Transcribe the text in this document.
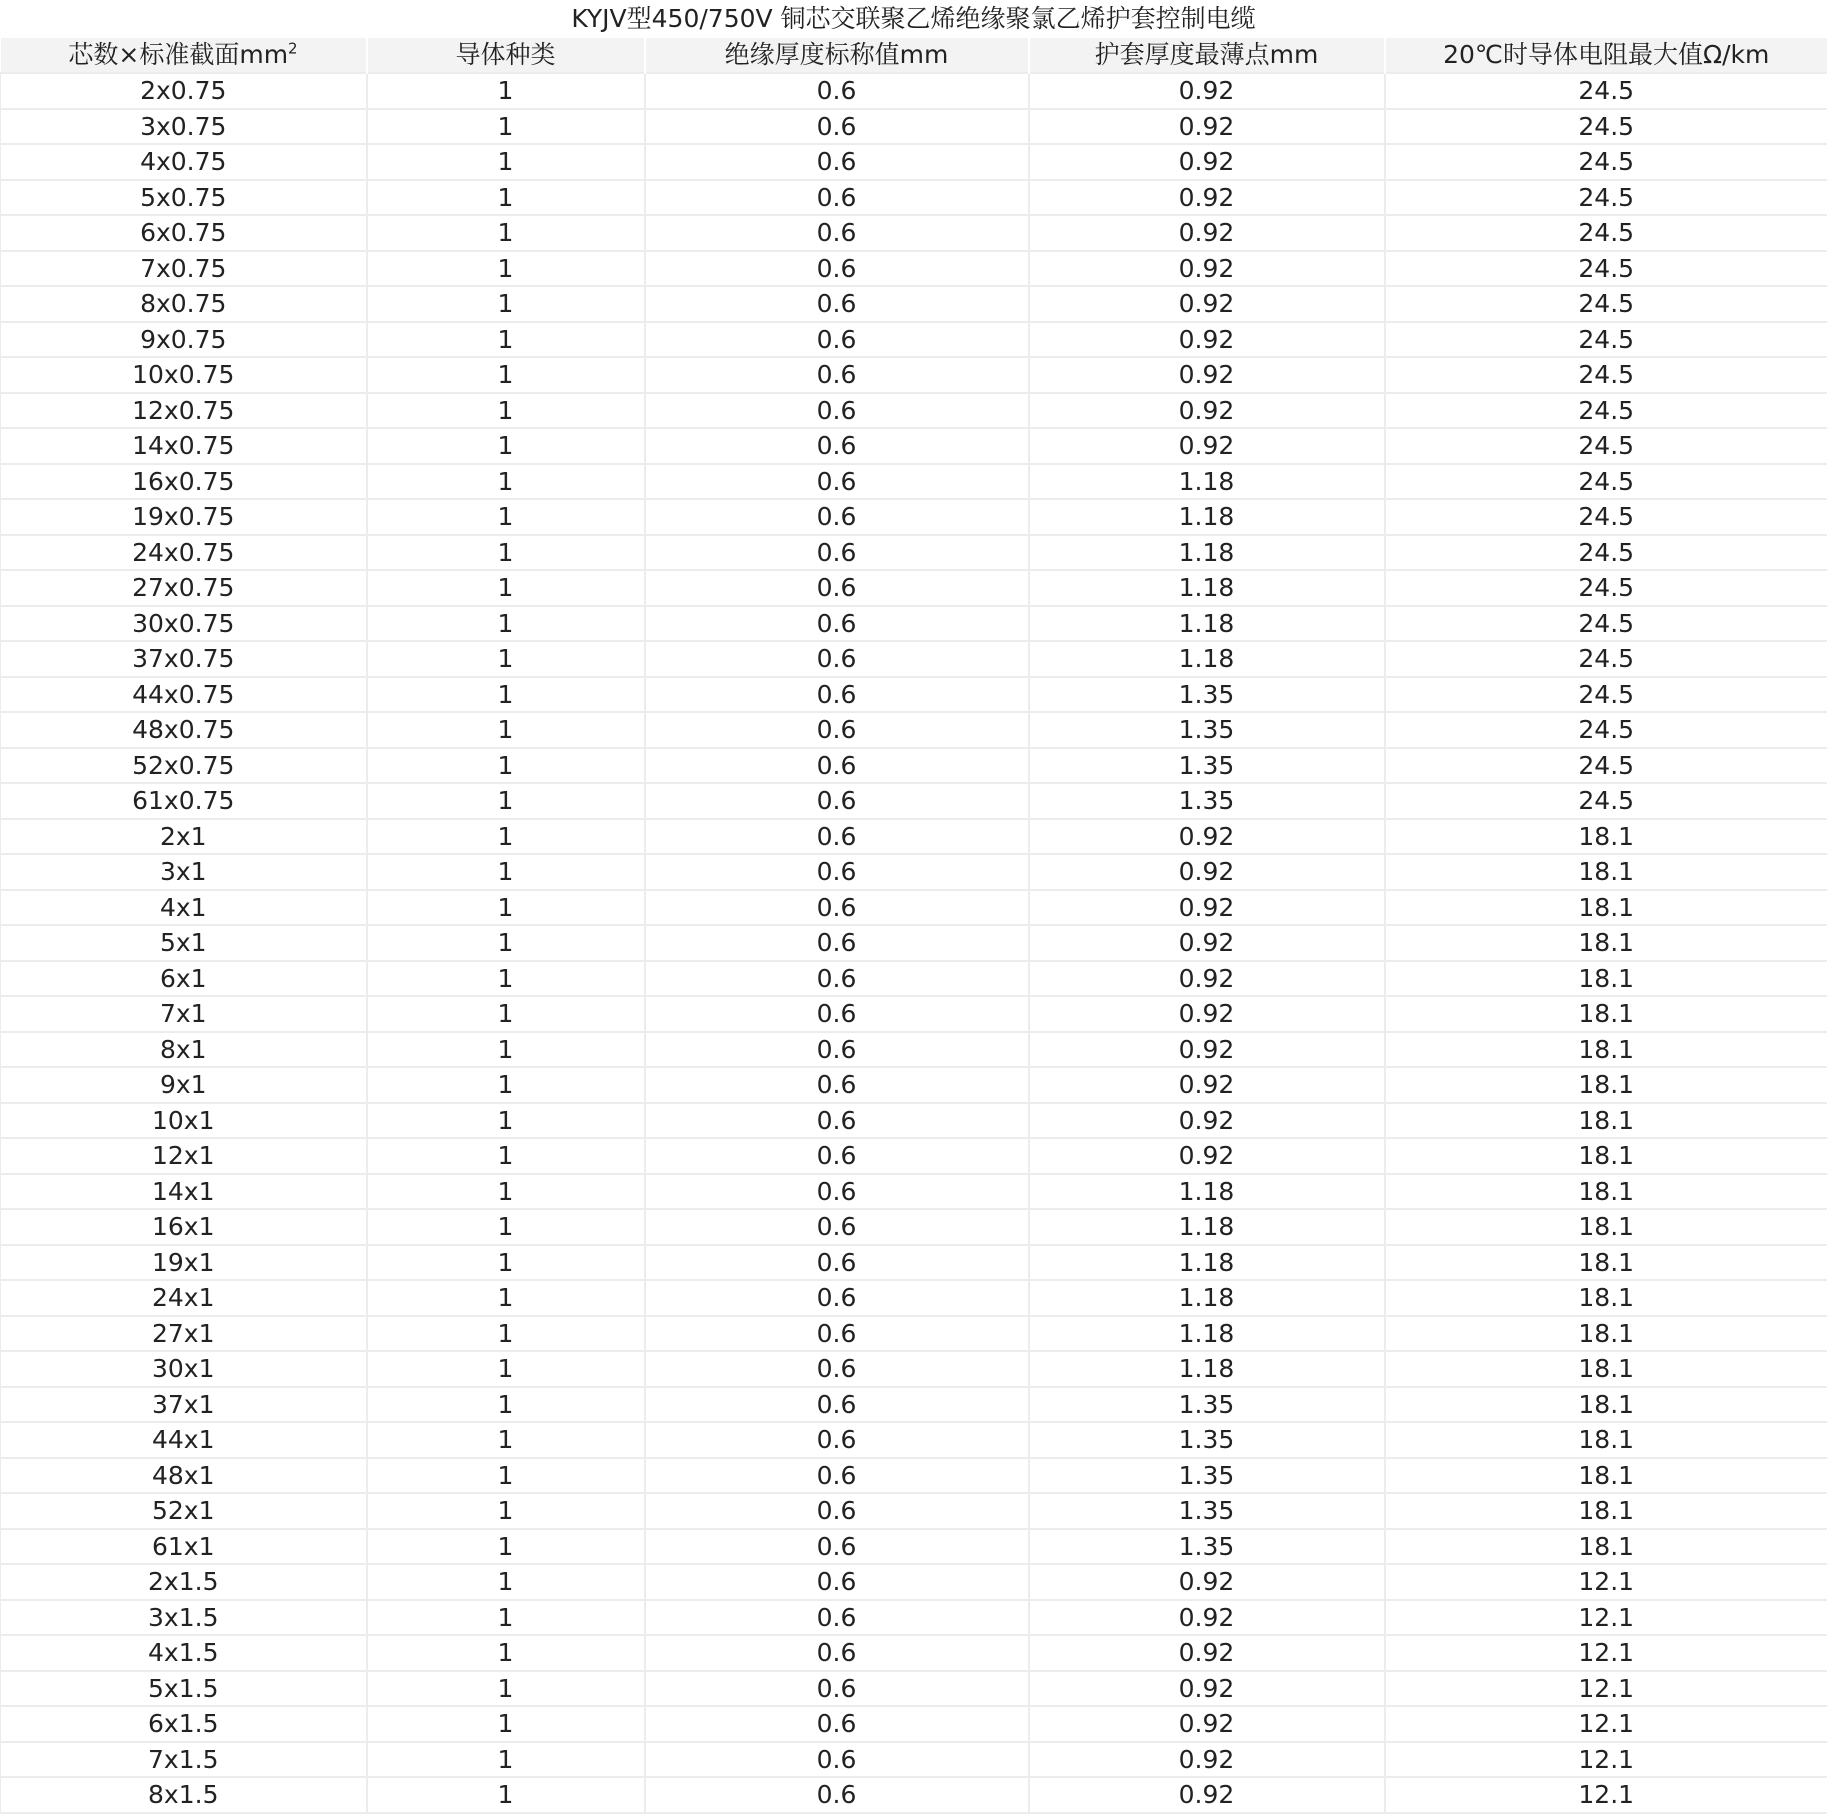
KYJV型450/750V 铜芯交联聚乙烯绝缘聚氯乙烯护套控制电缆
芯数×标准截面$mm^2$	导体种类	绝缘厚度标称值mm	护套厚度最薄点mm	20℃时导体电阻最大值Ω/km
2x0.75	1	0.6	0.92	24.5
3x0.75	1	0.6	0.92	24.5
4x0.75	1	0.6	0.92	24.5
5x0.75	1	0.6	0.92	24.5
6x0.75	1	0.6	0.92	24.5
7x0.75	1	0.6	0.92	24.5
8x0.75	1	0.6	0.92	24.5
9x0.75	1	0.6	0.92	24.5
10x0.75	1	0.6	0.92	24.5
12x0.75	1	0.6	0.92	24.5
14x0.75	1	0.6	0.92	24.5
16x0.75	1	0.6	1.18	24.5
19x0.75	1	0.6	1.18	24.5
24x0.75	1	0.6	1.18	24.5
27x0.75	1	0.6	1.18	24.5
30x0.75	1	0.6	1.18	24.5
37x0.75	1	0.6	1.18	24.5
44x0.75	1	0.6	1.35	24.5
48x0.75	1	0.6	1.35	24.5
52x0.75	1	0.6	1.35	24.5
61x0.75	1	0.6	1.35	24.5
2x1	1	0.6	0.92	18.1
3x1	1	0.6	0.92	18.1
4x1	1	0.6	0.92	18.1
5x1	1	0.6	0.92	18.1
6x1	1	0.6	0.92	18.1
7x1	1	0.6	0.92	18.1
8x1	1	0.6	0.92	18.1
9x1	1	0.6	0.92	18.1
10x1	1	0.6	0.92	18.1
12x1	1	0.6	0.92	18.1
14x1	1	0.6	1.18	18.1
16x1	1	0.6	1.18	18.1
19x1	1	0.6	1.18	18.1
24x1	1	0.6	1.18	18.1
27x1	1	0.6	1.18	18.1
30x1	1	0.6	1.18	18.1
37x1	1	0.6	1.35	18.1
44x1	1	0.6	1.35	18.1
48x1	1	0.6	1.35	18.1
52x1	1	0.6	1.35	18.1
61x1	1	0.6	1.35	18.1
2x1.5	1	0.6	0.92	12.1
3x1.5	1	0.6	0.92	12.1
4x1.5	1	0.6	0.92	12.1
5x1.5	1	0.6	0.92	12.1
6x1.5	1	0.6	0.92	12.1
7x1.5	1	0.6	0.92	12.1
8x1.5	1	0.6	0.92	12.1
